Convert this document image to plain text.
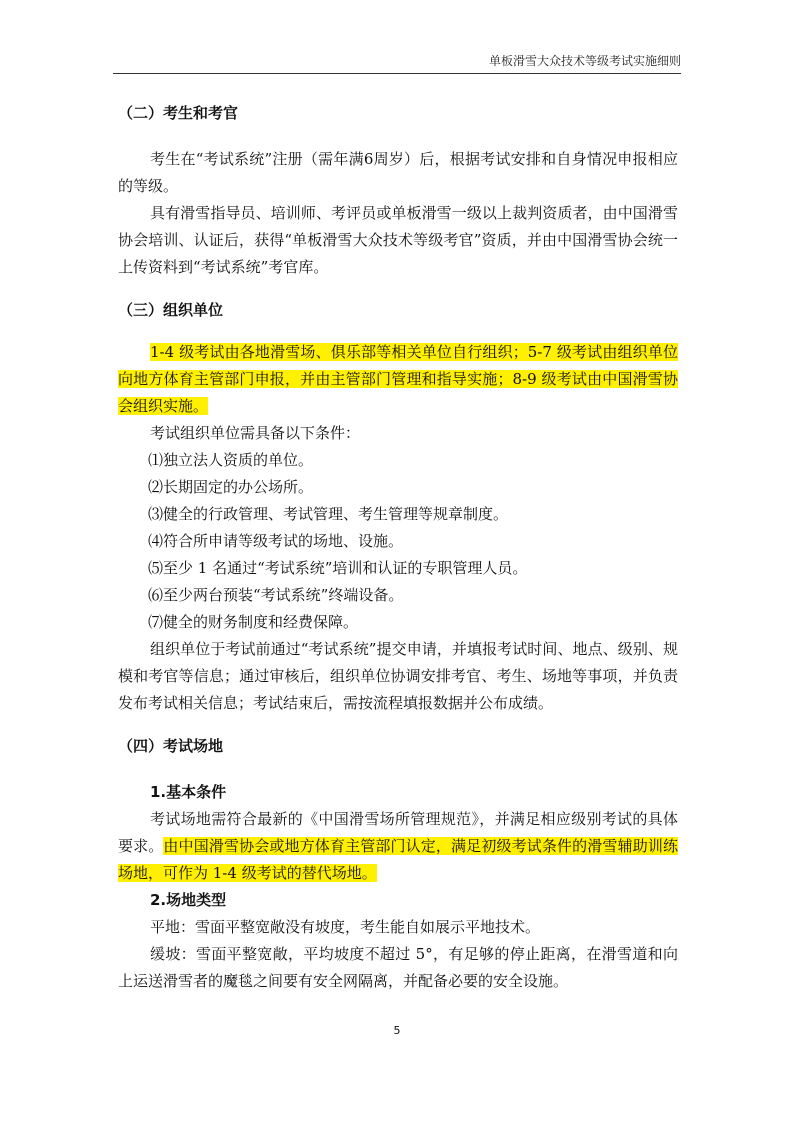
单板滑雪大众技术等级考试实施细则

（二）考生和考官

考生在“考试系统”注册（需年满6周岁）后，根据考试安排和自身情况申报相应的等级。

具有滑雪指导员、培训师、考评员或单板滑雪一级以上裁判资质者，由中国滑雪协会培训、认证后，获得“单板滑雪大众技术等级考官”资质，并由中国滑雪协会统一上传资料到“考试系统”考官库。

（三）组织单位

1-4 级考试由各地滑雪场、俱乐部等相关单位自行组织；5-7 级考试由组织单位向地方体育主管部门申报，并由主管部门管理和指导实施；8-9 级考试由中国滑雪协会组织实施。

考试组织单位需具备以下条件：

⑴独立法人资质的单位。

⑵长期固定的办公场所。

⑶健全的行政管理、考试管理、考生管理等规章制度。

⑷符合所申请等级考试的场地、设施。

⑸至少 1 名通过“考试系统”培训和认证的专职管理人员。

⑹至少两台预装“考试系统”终端设备。

⑺健全的财务制度和经费保障。

组织单位于考试前通过“考试系统”提交申请，并填报考试时间、地点、级别、规模和考官等信息；通过审核后，组织单位协调安排考官、考生、场地等事项，并负责发布考试相关信息；考试结束后，需按流程填报数据并公布成绩。

（四）考试场地

1.基本条件

考试场地需符合最新的《中国滑雪场所管理规范》，并满足相应级别考试的具体要求。由中国滑雪协会或地方体育主管部门认定，满足初级考试条件的滑雪辅助训练场地，可作为 1-4 级考试的替代场地。

2.场地类型

平地：雪面平整宽敞没有坡度，考生能自如展示平地技术。

缓坡：雪面平整宽敞，平均坡度不超过 5°，有足够的停止距离，在滑雪道和向上运送滑雪者的魔毯之间要有安全网隔离，并配备必要的安全设施。

5
